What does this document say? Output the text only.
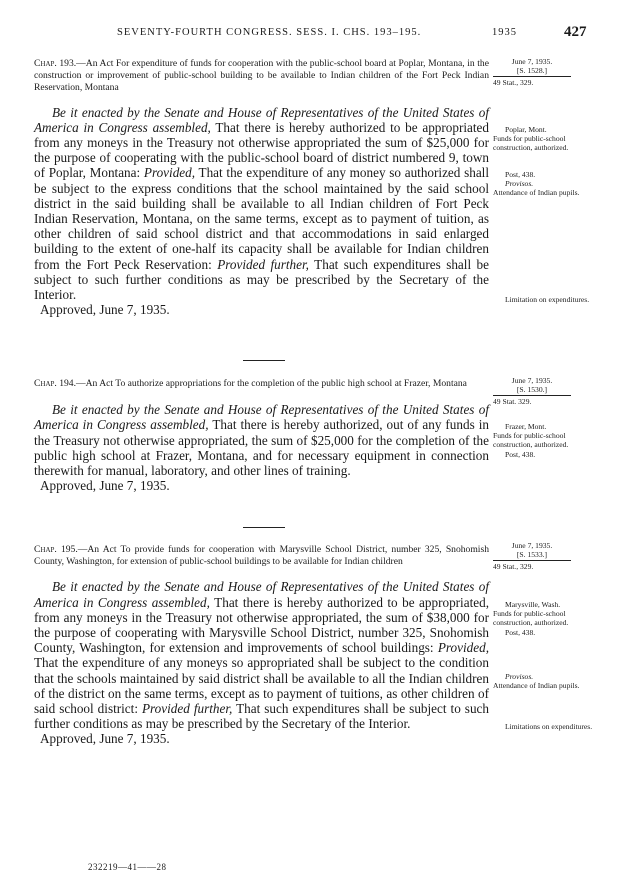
SEVENTY-FOURTH CONGRESS. SESS. I. CHS. 193–195.	1935	427
Chap. 193.—An Act For expenditure of funds for cooperation with the public-school board at Poplar, Montana, in the construction or improvement of public-school building to be available to Indian children of the Fort Peck Indian Reservation, Montana

Be it enacted by the Senate and House of Representatives of the United States of America in Congress assembled, That there is hereby authorized to be appropriated from any moneys in the Treasury not otherwise appropriated the sum of $25,000 for the purpose of cooperating with the public-school board of district numbered 9, town of Poplar, Montana: Provided, That the expenditure of any money so authorized shall be subject to the express conditions that the school maintained by the said school district in the said building shall be available to all Indian children of Fort Peck Indian Reservation, Montana, on the same terms, except as to payment of tuition, as other children of said school district and that accommodations in said enlarged building to the extent of one-half its capacity shall be available for Indian children from the Fort Peck Reservation: Provided further, That such expenditures shall be subject to such further conditions as may be prescribed by the Secretary of the Interior.

Approved, June 7, 1935.
June 7, 1935.
[S. 1528.]
49 Stat., 329.
Poplar, Mont.
Funds for public-school construction, authorized.
Post, 438.
Provisos.
Attendance of Indian pupils.
Limitation on expenditures.
Chap. 194.—An Act To authorize appropriations for the completion of the public high school at Frazer, Montana

Be it enacted by the Senate and House of Representatives of the United States of America in Congress assembled, That there is hereby authorized, out of any funds in the Treasury not otherwise appropriated, the sum of $25,000 for the completion of the public high school at Frazer, Montana, and for necessary equipment in connection therewith for manual, laboratory, and other lines of training.

Approved, June 7, 1935.
June 7, 1935.
[S. 1530.]
49 Stat. 329.
Frazer, Mont.
Funds for public-school construction, authorized.
Post, 438.
Chap. 195.—An Act To provide funds for cooperation with Marysville School District, number 325, Snohomish County, Washington, for extension of public-school buildings to be available for Indian children

Be it enacted by the Senate and House of Representatives of the United States of America in Congress assembled, That there is hereby authorized to be appropriated, from any moneys in the Treasury not otherwise appropriated, the sum of $38,000 for the purpose of cooperating with Marysville School District, number 325, Snohomish County, Washington, for extension and improvements of school buildings: Provided, That the expenditure of any moneys so appropriated shall be subject to the condition that the schools maintained by said district shall be available to all the Indian children of the district on the same terms, except as to payment of tuitions, as other children of said school district: Provided further, That such expenditures shall be subject to such further conditions as may be prescribed by the Secretary of the Interior.

Approved, June 7, 1935.
June 7, 1935.
[S. 1533.]
49 Stat., 329.
Marysville, Wash.
Funds for public-school construction, authorized.
Post, 438.
Provisos.
Attendance of Indian pupils.
Limitations on expenditures.
232219—41——28
